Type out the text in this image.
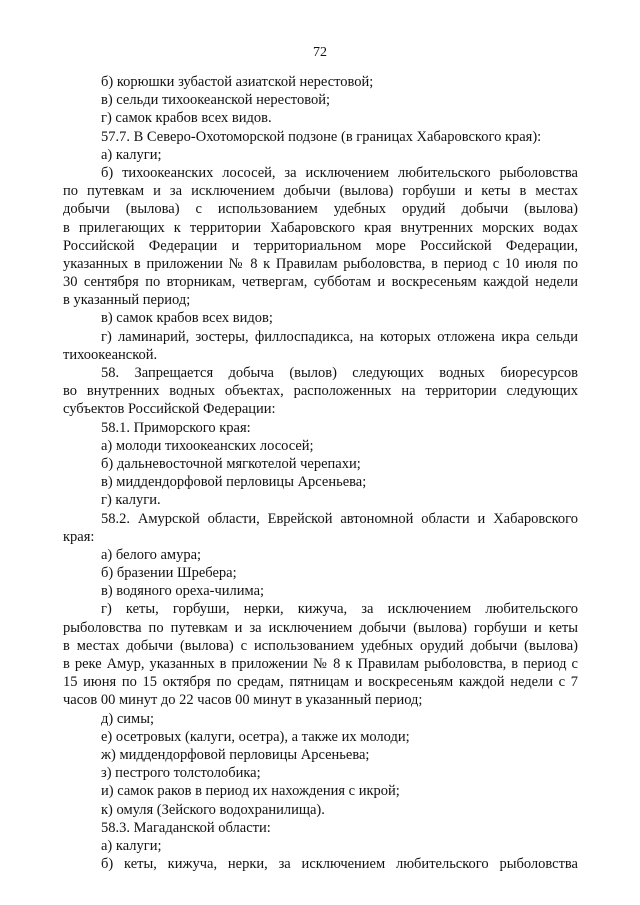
72
б) корюшки зубастой азиатской нерестовой;
в) сельди тихоокеанской нерестовой;
г) самок крабов всех видов.
57.7. В Северо-Охотоморской подзоне (в границах Хабаровского края):
а) калуги;
б) тихоокеанских лососей, за исключением любительского рыболовства
по путевкам и за исключением добычи (вылова) горбуши и кеты в местах
добычи (вылова) с использованием удебных орудий добычи (вылова)
в прилегающих к территории Хабаровского края внутренних морских водах
Российской Федерации и территориальном море Российской Федерации,
указанных в приложении № 8 к Правилам рыболовства, в период с 10 июля по
30 сентября по вторникам, четвергам, субботам и воскресеньям каждой недели
в указанный период;
в) самок крабов всех видов;
г) ламинарий, зостеры, филлоспадикса, на которых отложена икра сельди
тихоокеанской.
58. Запрещается добыча (вылов) следующих водных биоресурсов
во внутренних водных объектах, расположенных на территории следующих
субъектов Российской Федерации:
58.1. Приморского края:
а) молоди тихоокеанских лососей;
б) дальневосточной мягкотелой черепахи;
в) миддендорфовой перловицы Арсеньева;
г) калуги.
58.2. Амурской области, Еврейской автономной области и Хабаровского
края:
а) белого амура;
б) бразении Шребера;
в) водяного ореха-чилима;
г) кеты, горбуши, нерки, кижуча, за исключением любительского
рыболовства по путевкам и за исключением добычи (вылова) горбуши и кеты
в местах добычи (вылова) с использованием удебных орудий добычи (вылова)
в реке Амур, указанных в приложении № 8 к Правилам рыболовства, в период с
15 июня по 15 октября по средам, пятницам и воскресеньям каждой недели с 7
часов 00 минут до 22 часов 00 минут в указанный период;
д) симы;
е) осетровых (калуги, осетра), а также их молоди;
ж) миддендорфовой перловицы Арсеньева;
з) пестрого толстолобика;
и) самок раков в период их нахождения с икрой;
к) омуля (Зейского водохранилища).
58.3. Магаданской области:
а) калуги;
б) кеты, кижуча, нерки, за исключением любительского рыболовства
